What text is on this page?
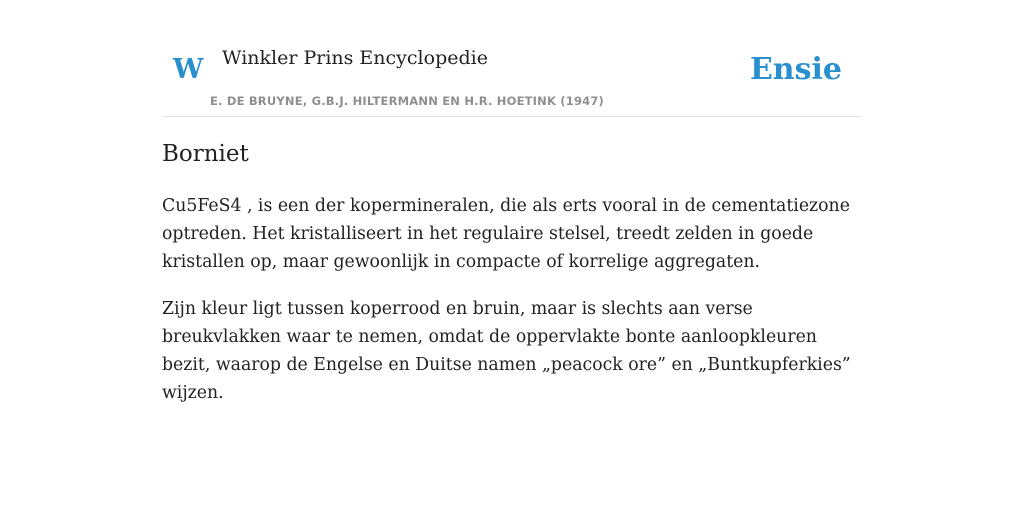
W Winkler Prins Encyclopedie
E. DE BRUYNE, G.B.J. HILTERMANN EN H.R. HOETINK (1947)
Ensie
Borniet

Cu5FeS4 , is een der kopermineralen, die als erts vooral in de cementatiezone optreden. Het kristalliseert in het regulaire stelsel, treedt zelden in goede kristallen op, maar gewoonlijk in compacte of korrelige aggregaten.

Zijn kleur ligt tussen koperrood en bruin, maar is slechts aan verse breukvlakken waar te nemen, omdat de oppervlakte bonte aanloopkleuren bezit, waarop de Engelse en Duitse namen „peacock ore” en „Buntkupferkies” wijzen.
